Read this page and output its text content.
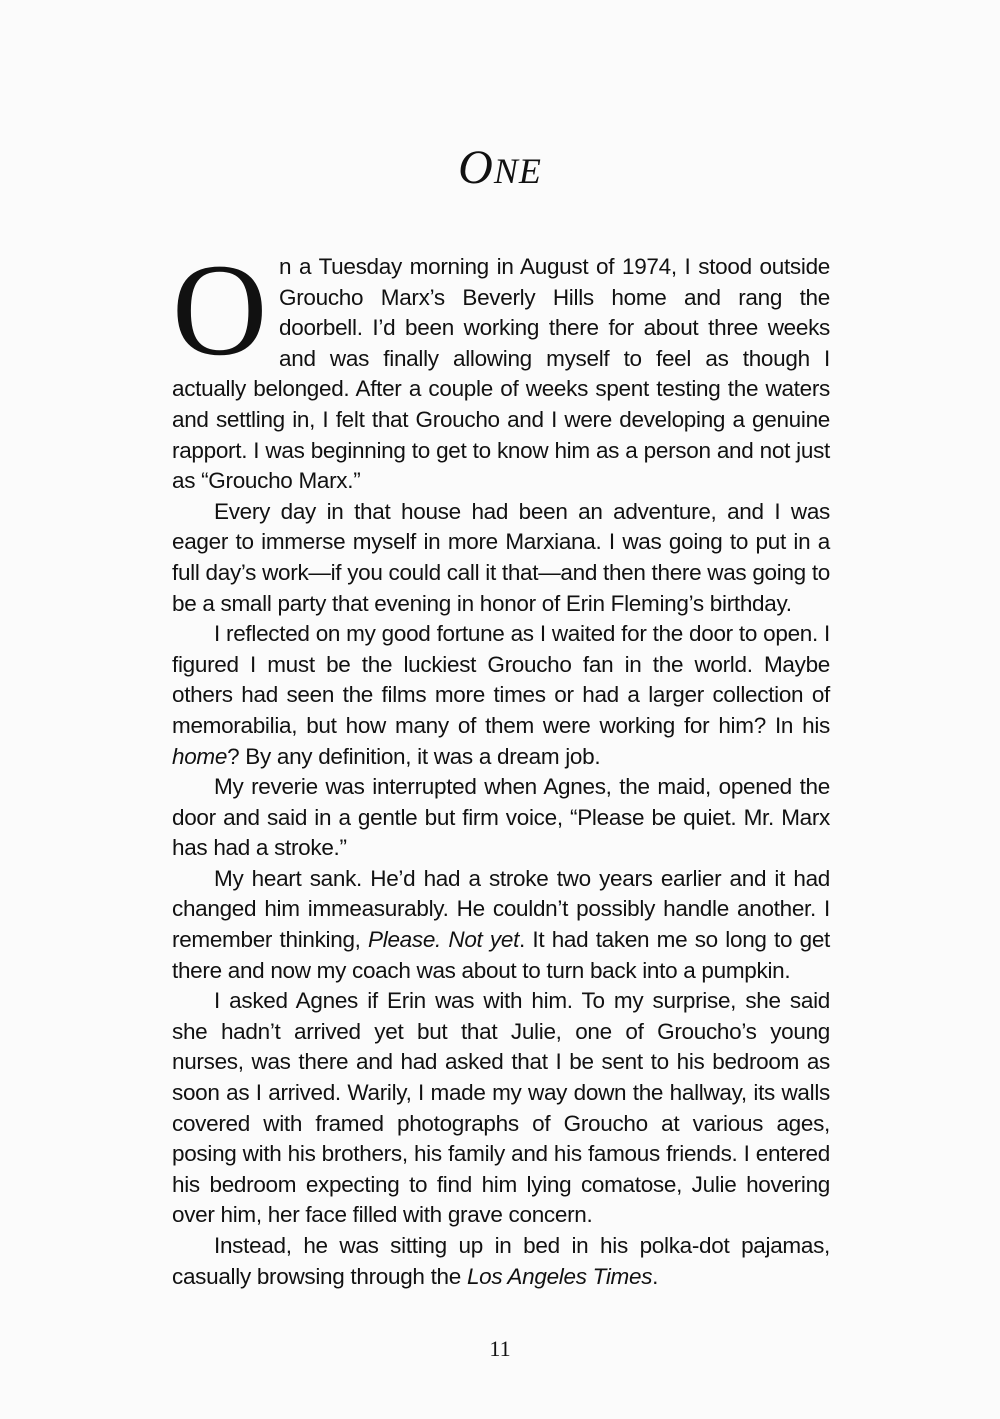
ONE

On a Tuesday morning in August of 1974, I stood outside Groucho Marx’s Beverly Hills home and rang the doorbell. I’d been working there for about three weeks and was finally allowing myself to feel as though I actually belonged. After a couple of weeks spent testing the waters and settling in, I felt that Groucho and I were developing a genuine rapport. I was beginning to get to know him as a person and not just as “Groucho Marx.”

Every day in that house had been an adventure, and I was eager to immerse myself in more Marxiana. I was going to put in a full day’s work—if you could call it that—and then there was going to be a small party that evening in honor of Erin Fleming’s birthday.

I reflected on my good fortune as I waited for the door to open. I figured I must be the luckiest Groucho fan in the world. Maybe others had seen the films more times or had a larger collection of memorabilia, but how many of them were working for him? In his home? By any definition, it was a dream job.

My reverie was interrupted when Agnes, the maid, opened the door and said in a gentle but firm voice, “Please be quiet. Mr. Marx has had a stroke.”

My heart sank. He’d had a stroke two years earlier and it had changed him immeasurably. He couldn’t possibly handle another. I remember thinking, Please. Not yet. It had taken me so long to get there and now my coach was about to turn back into a pumpkin.

I asked Agnes if Erin was with him. To my surprise, she said she hadn’t arrived yet but that Julie, one of Groucho’s young nurses, was there and had asked that I be sent to his bedroom as soon as I arrived. Warily, I made my way down the hallway, its walls covered with framed photographs of Groucho at various ages, posing with his brothers, his family and his famous friends. I entered his bedroom expecting to find him lying comatose, Julie hovering over him, her face filled with grave concern.

Instead, he was sitting up in bed in his polka-dot pajamas, casually browsing through the Los Angeles Times.

11
